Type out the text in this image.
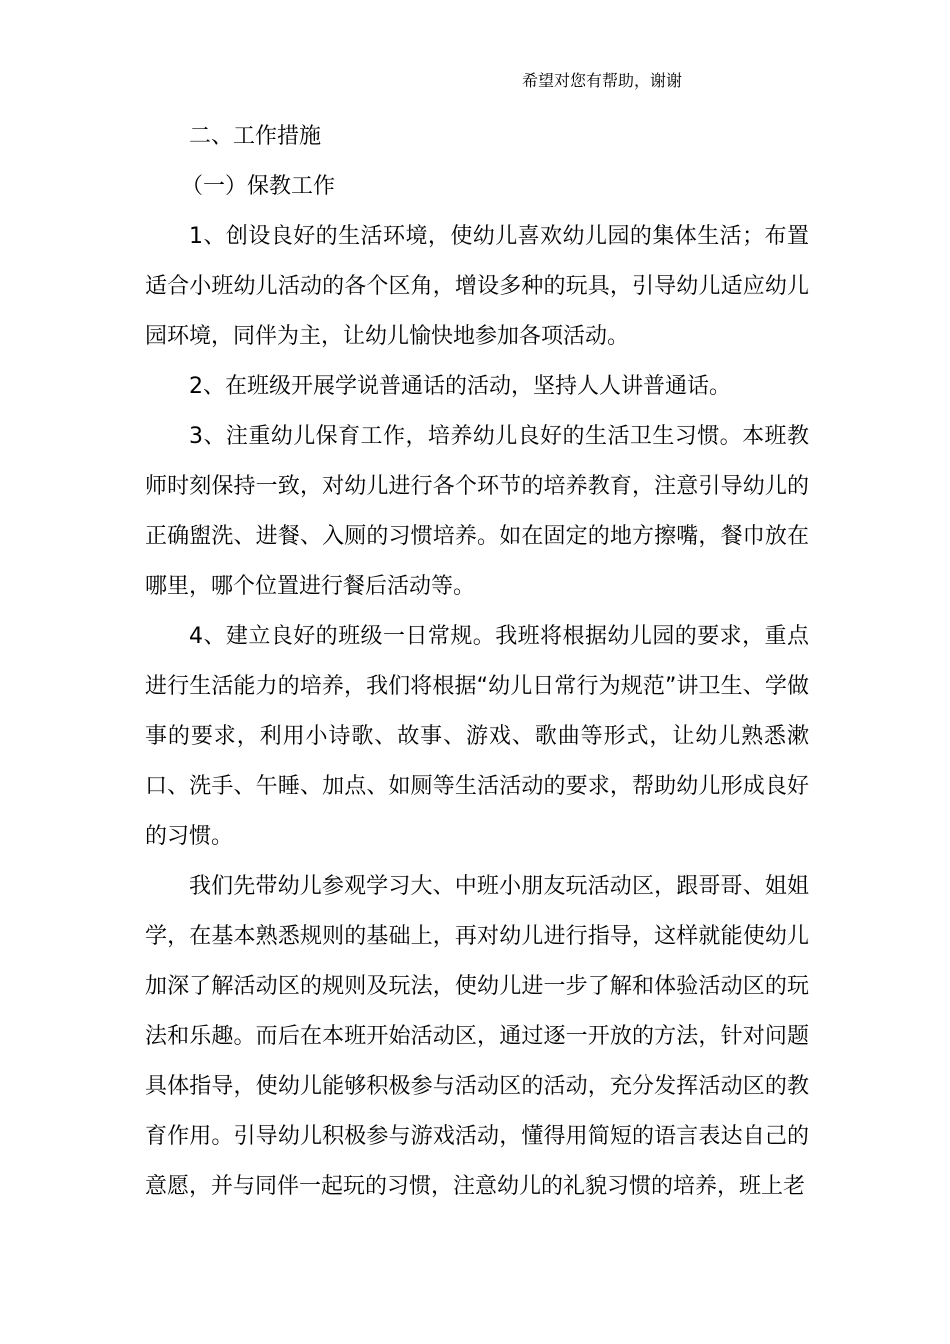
希望对您有帮助，谢谢

二、工作措施

（一）保教工作

1、创设良好的生活环境，使幼儿喜欢幼儿园的集体生活；布置适合小班幼儿活动的各个区角，增设多种的玩具，引导幼儿适应幼儿园环境，同伴为主，让幼儿愉快地参加各项活动。

2、在班级开展学说普通话的活动，坚持人人讲普通话。

3、注重幼儿保育工作，培养幼儿良好的生活卫生习惯。本班教师时刻保持一致，对幼儿进行各个环节的培养教育，注意引导幼儿的正确盥洗、进餐、入厕的习惯培养。如在固定的地方擦嘴，餐巾放在哪里，哪个位置进行餐后活动等。

4、建立良好的班级一日常规。我班将根据幼儿园的要求，重点进行生活能力的培养，我们将根据“幼儿日常行为规范”讲卫生、学做事的要求，利用小诗歌、故事、游戏、歌曲等形式，让幼儿熟悉漱口、洗手、午睡、加点、如厕等生活活动的要求，帮助幼儿形成良好的习惯。

我们先带幼儿参观学习大、中班小朋友玩活动区，跟哥哥、姐姐学，在基本熟悉规则的基础上，再对幼儿进行指导，这样就能使幼儿加深了解活动区的规则及玩法，使幼儿进一步了解和体验活动区的玩法和乐趣。而后在本班开始活动区，通过逐一开放的方法，针对问题具体指导，使幼儿能够积极参与活动区的活动，充分发挥活动区的教育作用。引导幼儿积极参与游戏活动，懂得用简短的语言表达自己的意愿，并与同伴一起玩的习惯，注意幼儿的礼貌习惯的培养，班上老
